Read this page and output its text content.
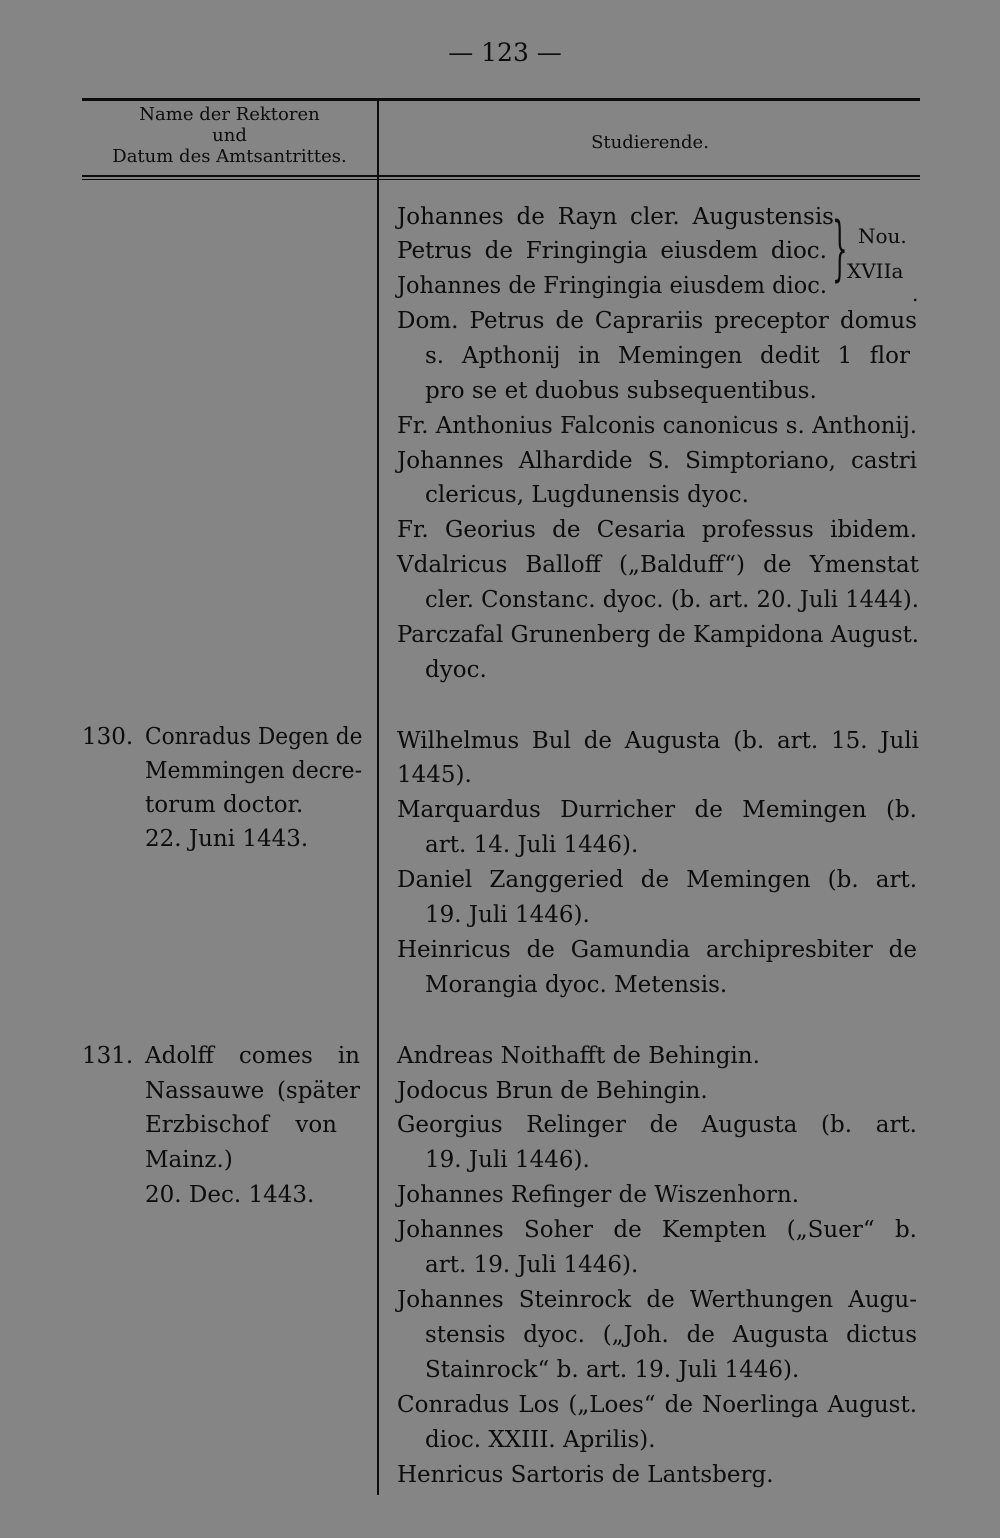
— 123 —
Name der Rektoren
und
Datum des Amtsantrittes.
Studierende.
} Nou.
XVIIa
.
130. Conradus Degen de
Memmingen decre-
torum doctor.
22. Juni 1443.
131. Adolff comes in
Nassauwe (später
Erzbischof von
Mainz.)
20. Dec. 1443.
Johannes de Rayn cler. Augustensis
Petrus de Fringingia eiusdem dioc.
Johannes de Fringingia eiusdem dioc.
Dom. Petrus de Caprariis preceptor domus
s. Apthonij in Memingen dedit 1 flor
pro se et duobus subsequentibus.
Fr. Anthonius Falconis canonicus s. Anthonij.
Johannes Alhardide S. Simptoriano, castri
clericus, Lugdunensis dyoc.
Fr. Georius de Cesaria professus ibidem.
Vdalricus Balloff („Balduff“) de Ymenstat
cler. Constanc. dyoc. (b. art. 20. Juli 1444).
Parczafal Grunenberg de Kampidona August.
dyoc.
Wilhelmus Bul de Augusta (b. art. 15. Juli
1445).
Marquardus Durricher de Memingen (b.
art. 14. Juli 1446).
Daniel Zanggeried de Memingen (b. art.
19. Juli 1446).
Heinricus de Gamundia archipresbiter de
Morangia dyoc. Metensis.
Andreas Noithafft de Behingin.
Jodocus Brun de Behingin.
Georgius Relinger de Augusta (b. art.
19. Juli 1446).
Johannes Refinger de Wiszenhorn.
Johannes Soher de Kempten („Suer“ b.
art. 19. Juli 1446).
Johannes Steinrock de Werthungen Augu-
stensis dyoc. („Joh. de Augusta dictus
Stainrock“ b. art. 19. Juli 1446).
Conradus Los („Loes“ de Noerlinga August.
dioc. XXIII. Aprilis).
Henricus Sartoris de Lantsberg.
